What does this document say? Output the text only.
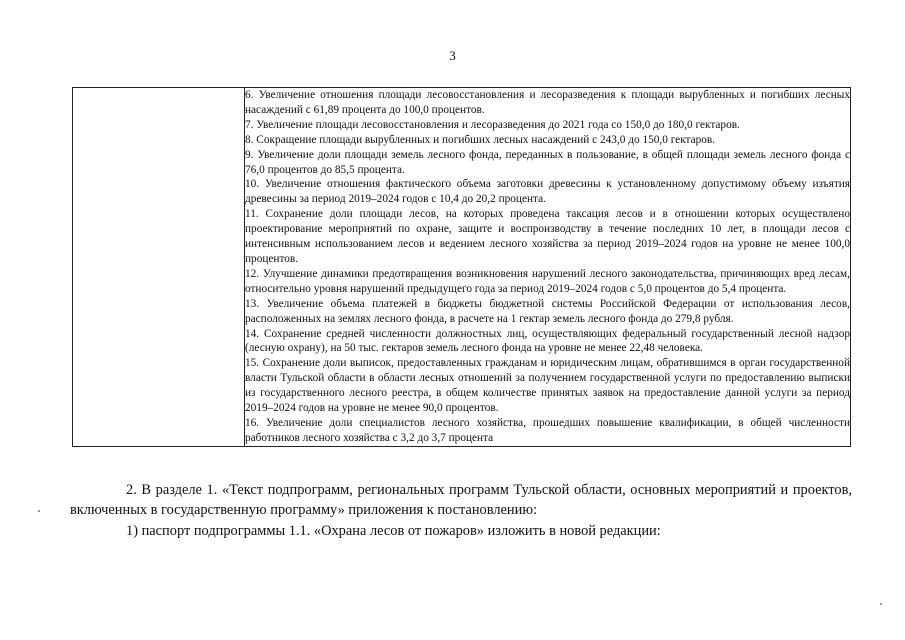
3

6. Увеличение отношения площади лесовосстановления и лесоразведения к площади вырубленных и погибших лесных насаждений с 61,89 процента до 100,0 процентов.

7. Увеличение площади лесовосстановления и лесоразведения до 2021 года со 150,0 до 180,0 гектаров.

8. Сокращение площади вырубленных и погибших лесных насаждений с 243,0 до 150,0 гектаров.

9. Увеличение доли площади земель лесного фонда, переданных в пользование, в общей площади земель лесного фонда с 76,0 процентов до 85,5 процента.

10. Увеличение отношения фактического объема заготовки древесины к установленному допустимому объему изъятия древесины за период 2019–2024 годов с 10,4 до 20,2 процента.

11. Сохранение доли площади лесов, на которых проведена таксация лесов и в отношении которых осуществлено проектирование мероприятий по охране, защите и воспроизводству в течение последних 10 лет, в площади лесов с интенсивным использованием лесов и ведением лесного хозяйства за период 2019–2024 годов на уровне не менее 100,0 процентов.

12. Улучшение динамики предотвращения возникновения нарушений лесного законодательства, причиняющих вред лесам, относительно уровня нарушений предыдущего года за период 2019–2024 годов с 5,0 процентов до 5,4 процента.

13. Увеличение объема платежей в бюджеты бюджетной системы Российской Федерации от использования лесов, расположенных на землях лесного фонда, в расчете на 1 гектар земель лесного фонда до 279,8 рубля.

14. Сохранение средней численности должностных лиц, осуществляющих федеральный государственный лесной надзор (лесную охрану), на 50 тыс. гектаров земель лесного фонда на уровне не менее 22,48 человека.

15. Сохранение доли выписок, предоставленных гражданам и юридическим лицам, обратившимся в орган государственной власти Тульской области в области лесных отношений за получением государственной услуги по предоставлению выписки из государственного лесного реестра, в общем количестве принятых заявок на предоставление данной услуги за период 2019–2024 годов на уровне не менее 90,0 процентов.

16. Увеличение доли специалистов лесного хозяйства, прошедших повышение квалификации, в общей численности работников лесного хозяйства с 3,2 до 3,7 процента

2. В разделе 1. «Текст подпрограмм, региональных программ Тульской области, основных мероприятий и проектов, включенных в государственную программу» приложения к постановлению:

1) паспорт подпрограммы 1.1. «Охрана лесов от пожаров» изложить в новой редакции:
